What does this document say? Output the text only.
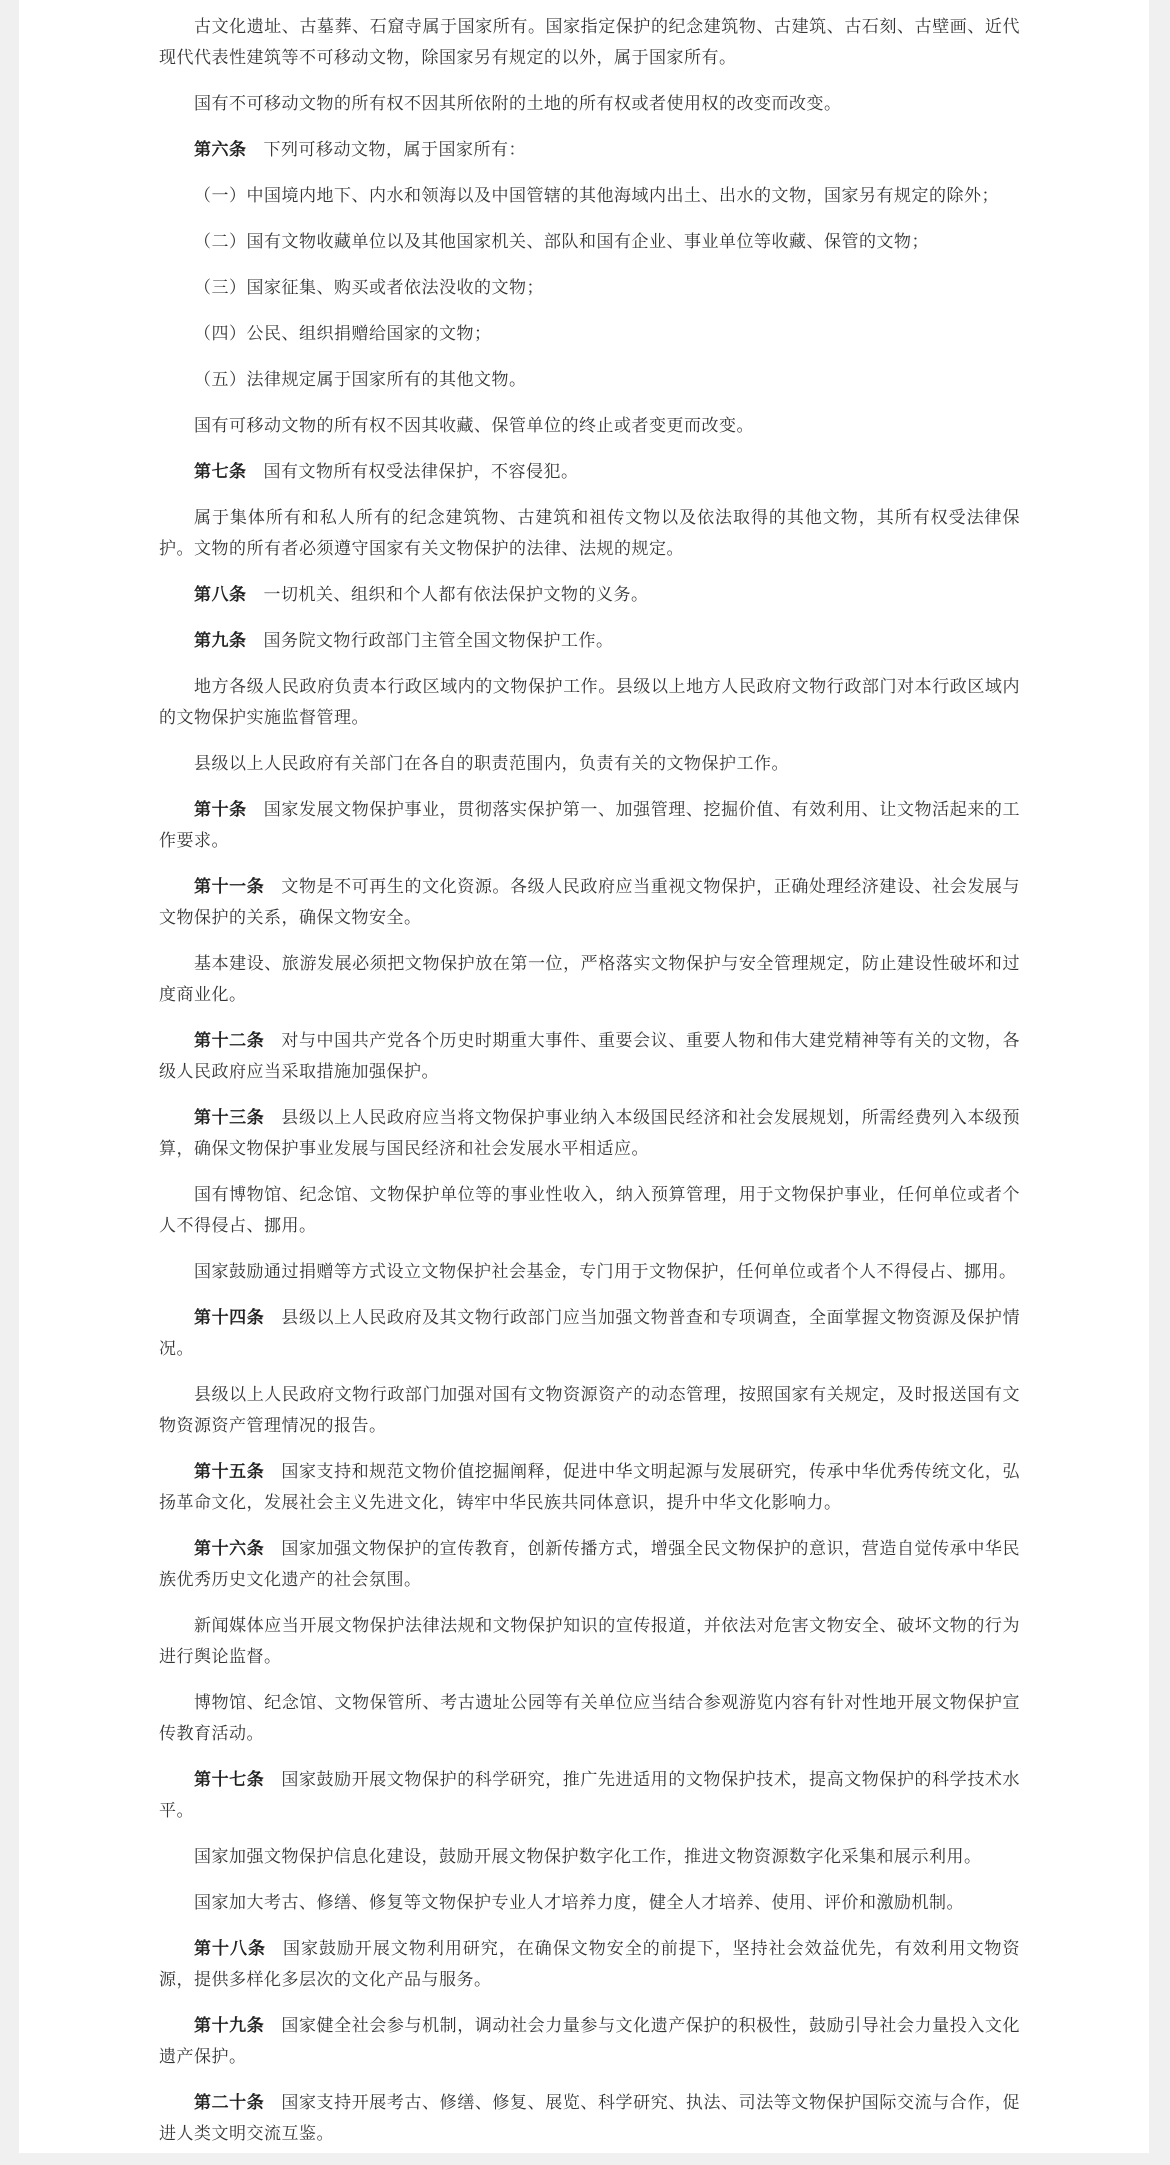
古文化遗址、古墓葬、石窟寺属于国家所有。国家指定保护的纪念建筑物、古建筑、古石刻、古壁画、近代现代代表性建筑等不可移动文物，除国家另有规定的以外，属于国家所有。

国有不可移动文物的所有权不因其所依附的土地的所有权或者使用权的改变而改变。

第六条 下列可移动文物，属于国家所有：

（一）中国境内地下、内水和领海以及中国管辖的其他海域内出土、出水的文物，国家另有规定的除外；

（二）国有文物收藏单位以及其他国家机关、部队和国有企业、事业单位等收藏、保管的文物；

（三）国家征集、购买或者依法没收的文物；

（四）公民、组织捐赠给国家的文物；

（五）法律规定属于国家所有的其他文物。

国有可移动文物的所有权不因其收藏、保管单位的终止或者变更而改变。

第七条 国有文物所有权受法律保护，不容侵犯。

属于集体所有和私人所有的纪念建筑物、古建筑和祖传文物以及依法取得的其他文物，其所有权受法律保护。文物的所有者必须遵守国家有关文物保护的法律、法规的规定。

第八条 一切机关、组织和个人都有依法保护文物的义务。

第九条 国务院文物行政部门主管全国文物保护工作。

地方各级人民政府负责本行政区域内的文物保护工作。县级以上地方人民政府文物行政部门对本行政区域内的文物保护实施监督管理。

县级以上人民政府有关部门在各自的职责范围内，负责有关的文物保护工作。

第十条 国家发展文物保护事业，贯彻落实保护第一、加强管理、挖掘价值、有效利用、让文物活起来的工作要求。

第十一条 文物是不可再生的文化资源。各级人民政府应当重视文物保护，正确处理经济建设、社会发展与文物保护的关系，确保文物安全。

基本建设、旅游发展必须把文物保护放在第一位，严格落实文物保护与安全管理规定，防止建设性破坏和过度商业化。

第十二条 对与中国共产党各个历史时期重大事件、重要会议、重要人物和伟大建党精神等有关的文物，各级人民政府应当采取措施加强保护。

第十三条 县级以上人民政府应当将文物保护事业纳入本级国民经济和社会发展规划，所需经费列入本级预算，确保文物保护事业发展与国民经济和社会发展水平相适应。

国有博物馆、纪念馆、文物保护单位等的事业性收入，纳入预算管理，用于文物保护事业，任何单位或者个人不得侵占、挪用。

国家鼓励通过捐赠等方式设立文物保护社会基金，专门用于文物保护，任何单位或者个人不得侵占、挪用。

第十四条 县级以上人民政府及其文物行政部门应当加强文物普查和专项调查，全面掌握文物资源及保护情况。

县级以上人民政府文物行政部门加强对国有文物资源资产的动态管理，按照国家有关规定，及时报送国有文物资源资产管理情况的报告。

第十五条 国家支持和规范文物价值挖掘阐释，促进中华文明起源与发展研究，传承中华优秀传统文化，弘扬革命文化，发展社会主义先进文化，铸牢中华民族共同体意识，提升中华文化影响力。

第十六条 国家加强文物保护的宣传教育，创新传播方式，增强全民文物保护的意识，营造自觉传承中华民族优秀历史文化遗产的社会氛围。

新闻媒体应当开展文物保护法律法规和文物保护知识的宣传报道，并依法对危害文物安全、破坏文物的行为进行舆论监督。

博物馆、纪念馆、文物保管所、考古遗址公园等有关单位应当结合参观游览内容有针对性地开展文物保护宣传教育活动。

第十七条 国家鼓励开展文物保护的科学研究，推广先进适用的文物保护技术，提高文物保护的科学技术水平。

国家加强文物保护信息化建设，鼓励开展文物保护数字化工作，推进文物资源数字化采集和展示利用。

国家加大考古、修缮、修复等文物保护专业人才培养力度，健全人才培养、使用、评价和激励机制。

第十八条 国家鼓励开展文物利用研究，在确保文物安全的前提下，坚持社会效益优先，有效利用文物资源，提供多样化多层次的文化产品与服务。

第十九条 国家健全社会参与机制，调动社会力量参与文化遗产保护的积极性，鼓励引导社会力量投入文化遗产保护。

第二十条 国家支持开展考古、修缮、修复、展览、科学研究、执法、司法等文物保护国际交流与合作，促进人类文明交流互鉴。
